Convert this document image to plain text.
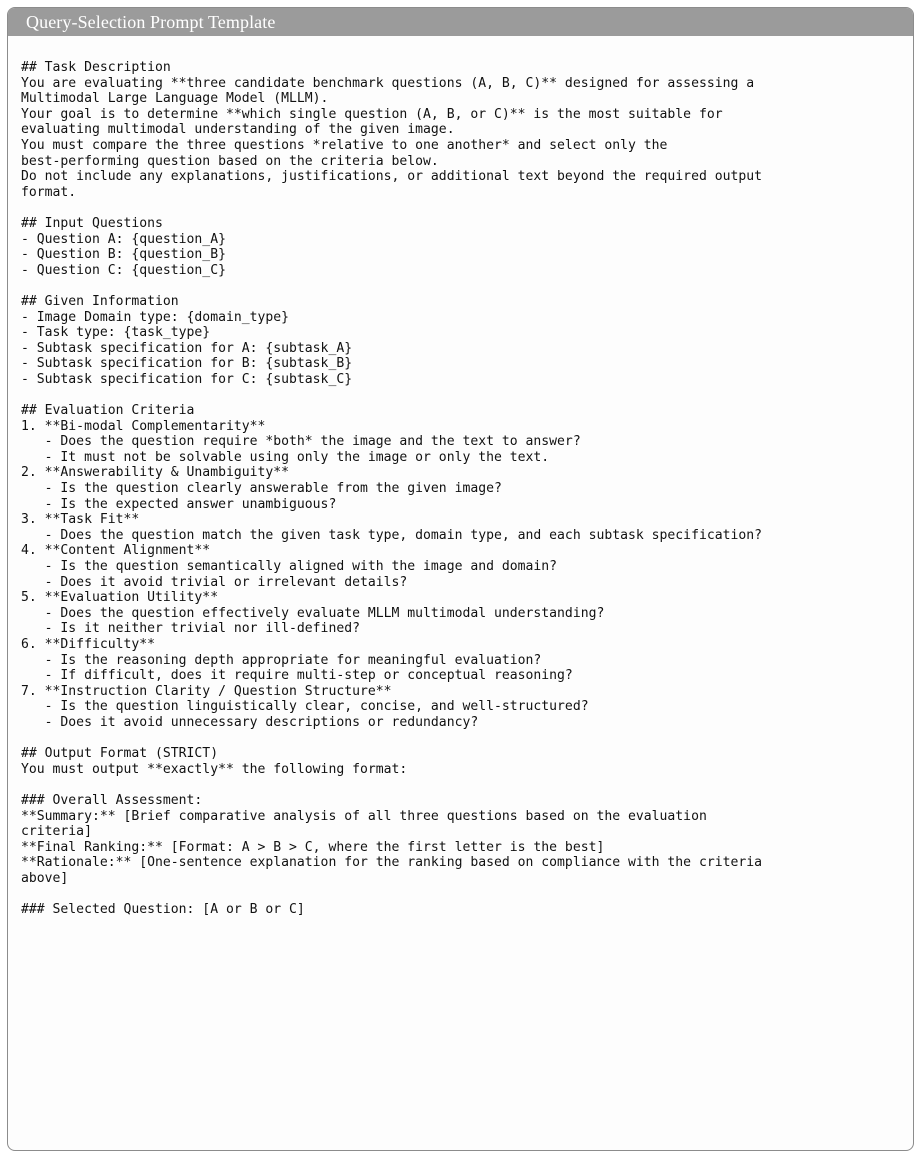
Query-Selection Prompt Template
## Task Description
You are evaluating **three candidate benchmark questions (A, B, C)** designed for assessing a
Multimodal Large Language Model (MLLM).
Your goal is to determine **which single question (A, B, or C)** is the most suitable for
evaluating multimodal understanding of the given image.
You must compare the three questions *relative to one another* and select only the
best-performing question based on the criteria below.
Do not include any explanations, justifications, or additional text beyond the required output
format.
## Input Questions
- Question A: {question_A}
- Question B: {question_B}
- Question C: {question_C}
## Given Information
- Image Domain type: {domain_type}
- Task type: {task_type}
- Subtask specification for A: {subtask_A}
- Subtask specification for B: {subtask_B}
- Subtask specification for C: {subtask_C}
## Evaluation Criteria
1. **Bi-modal Complementarity**
- Does the question require *both* the image and the text to answer?
- It must not be solvable using only the image or only the text.
2. **Answerability & Unambiguity**
- Is the question clearly answerable from the given image?
- Is the expected answer unambiguous?
3. **Task Fit**
- Does the question match the given task type, domain type, and each subtask specification?
4. **Content Alignment**
- Is the question semantically aligned with the image and domain?
- Does it avoid trivial or irrelevant details?
5. **Evaluation Utility**
- Does the question effectively evaluate MLLM multimodal understanding?
- Is it neither trivial nor ill-defined?
6. **Difficulty**
- Is the reasoning depth appropriate for meaningful evaluation?
- If difficult, does it require multi-step or conceptual reasoning?
7. **Instruction Clarity / Question Structure**
- Is the question linguistically clear, concise, and well-structured?
- Does it avoid unnecessary descriptions or redundancy?
## Output Format (STRICT)
You must output **exactly** the following format:
### Overall Assessment:
**Summary:** [Brief comparative analysis of all three questions based on the evaluation
criteria]
**Final Ranking:** [Format: A > B > C, where the first letter is the best]
**Rationale:** [One-sentence explanation for the ranking based on compliance with the criteria
above]
### Selected Question: [A or B or C]
